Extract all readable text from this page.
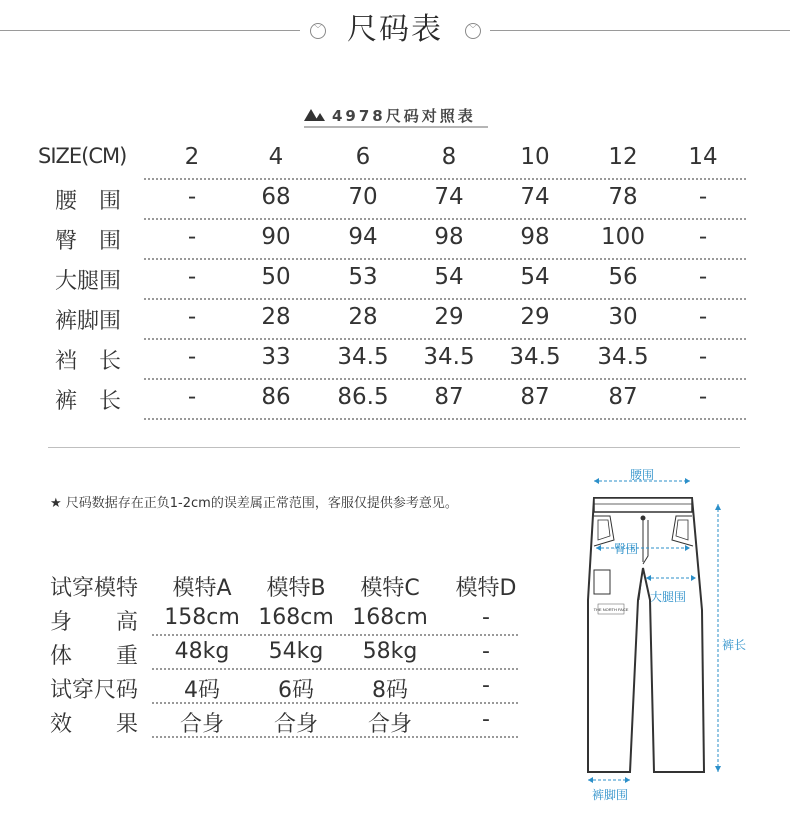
﹀ 尺码表	﹀
4978尺码对照表
SIZE(CM)	2	4	6	8	10	12	14
腰　围	-	68	70	74	74	78	-
臀　围	-	90	94	98	98	100	-
大腿围	-	50	53	54	54	56	-
裤脚围	-	28	28	29	29	30	-
裆　长	-	33	34.5	34.5	34.5	34.5	-
裤　长	-	86	86.5	87	87	87	-
★ 尺码数据存在正负1-2cm的误差属正常范围，客服仅提供参考意见。
试穿模特	模特A	模特B	模特C	模特D
身　　高	158cm 168cm 168cm	-
体　　重	48kg	54kg	58kg	-
试穿尺码	4码	6码	8码	-
效　　果	合身	合身	合身	-
THE NORTH FACE
腰围
臀围
大腿围
裤长
裤脚围
